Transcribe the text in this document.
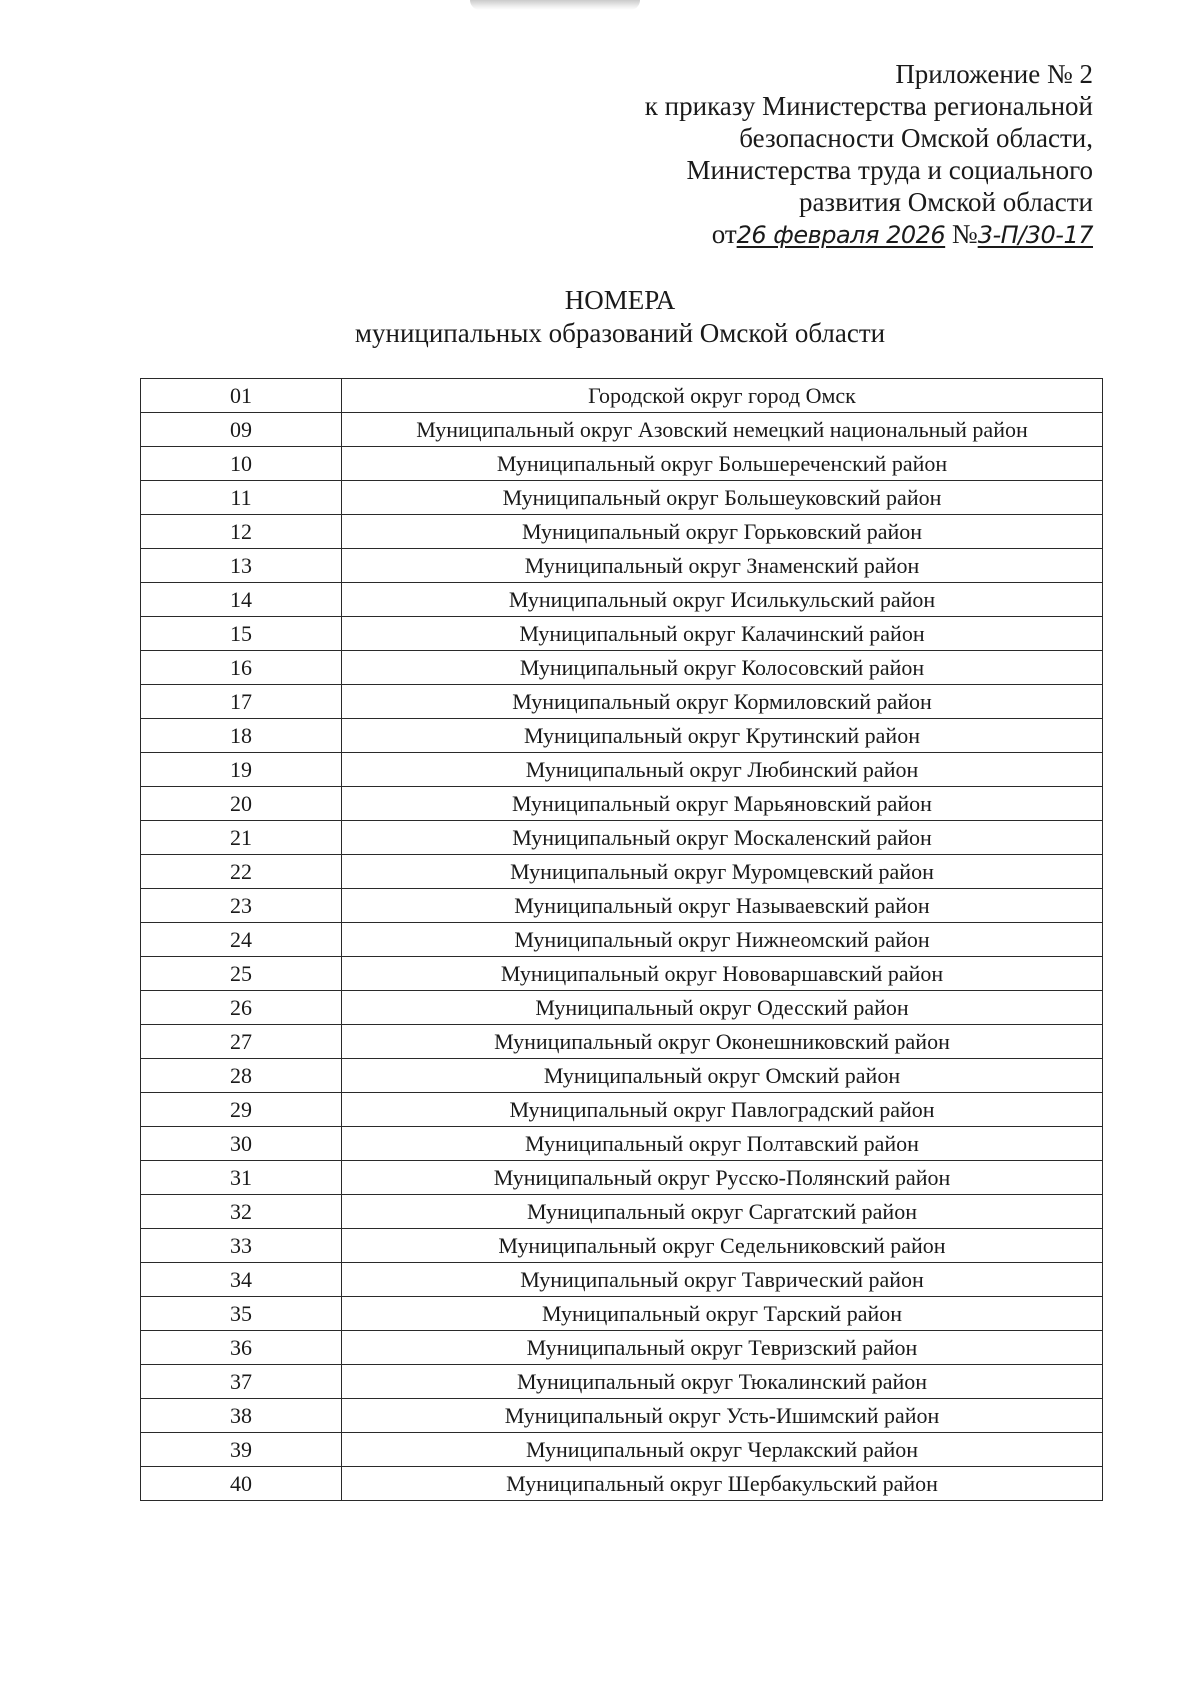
Приложение № 2
к приказу Министерства региональной
безопасности Омской области,
Министерства труда и социального
развития Омской области
от26 февраля 2026 №3-П/30-17
НОМЕРА
муниципальных образований Омской области
01	Городской округ город Омск
09	Муниципальный округ Азовский немецкий национальный район
10	Муниципальный округ Большереченский район
11	Муниципальный округ Большеуковский район
12	Муниципальный округ Горьковский район
13	Муниципальный округ Знаменский район
14	Муниципальный округ Исилькульский район
15	Муниципальный округ Калачинский район
16	Муниципальный округ Колосовский район
17	Муниципальный округ Кормиловский район
18	Муниципальный округ Крутинский район
19	Муниципальный округ Любинский район
20	Муниципальный округ Марьяновский район
21	Муниципальный округ Москаленский район
22	Муниципальный округ Муромцевский район
23	Муниципальный округ Называевский район
24	Муниципальный округ Нижнеомский район
25	Муниципальный округ Нововаршавский район
26	Муниципальный округ Одесский район
27	Муниципальный округ Оконешниковский район
28	Муниципальный округ Омский район
29	Муниципальный округ Павлоградский район
30	Муниципальный округ Полтавский район
31	Муниципальный округ Русско-Полянский район
32	Муниципальный округ Саргатский район
33	Муниципальный округ Седельниковский район
34	Муниципальный округ Таврический район
35	Муниципальный округ Тарский район
36	Муниципальный округ Тевризский район
37	Муниципальный округ Тюкалинский район
38	Муниципальный округ Усть-Ишимский район
39	Муниципальный округ Черлакский район
40	Муниципальный округ Шербакульский район
